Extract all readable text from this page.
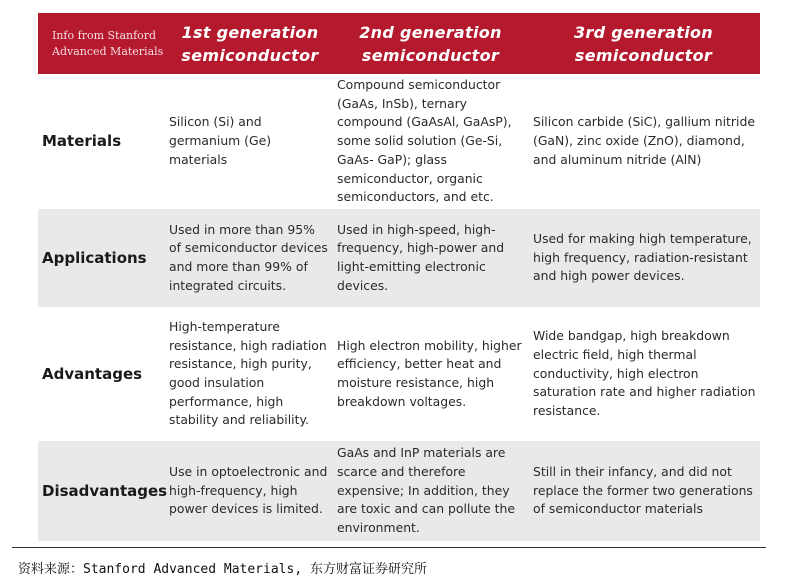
Info from Stanford
Advanced Materials
1st generation
semiconductor
2nd generation
semiconductor
3rd generation
semiconductor
Materials
Silicon (Si) and germanium (Ge) materials
Compound semiconductor (GaAs, InSb), ternary compound (GaAsAl, GaAsP), some solid solution (Ge-Si, GaAs- GaP); glass semiconductor, organic semiconductors, and etc.
Silicon carbide (SiC), gallium nitride (GaN), zinc oxide (ZnO), diamond, and aluminum nitride (AlN)
Applications
Used in more than 95% of semiconductor devices and more than 99% of integrated circuits.
Used in high-speed, high-frequency, high-power and light-emitting electronic devices.
Used for making high temperature, high frequency, radiation-resistant and high power devices.
Advantages
High-temperature resistance, high radiation resistance, high purity, good insulation performance, high stability and reliability.
High electron mobility, higher efficiency, better heat and moisture resistance, high breakdown voltages.
Wide bandgap, high breakdown electric field, high thermal conductivity, high electron saturation rate and higher radiation resistance.
Disadvantages
Use in optoelectronic and high-frequency, high power devices is limited.
GaAs and InP materials are scarce and therefore expensive; In addition, they are toxic and can pollute the environment.
Still in their infancy, and did not replace the former two generations of semiconductor materials
资料来源：Stanford Advanced Materials, 东方财富证券研究所
